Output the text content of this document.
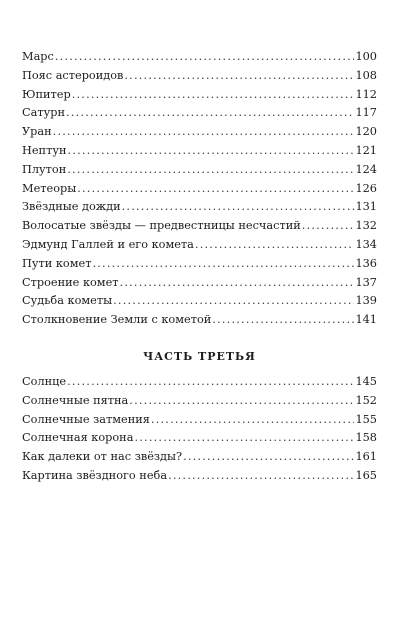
Марс .....	100
Пояс астероидов .....	108
Юпитер .....	112
Сатурн .....	117
Уран .....	120
Нептун .....	121
Плутон .....	124
Метеоры .....	126
Звёздные дожди .....	131
Волосатые звёзды — предвестницы несчастий .....	132
Эдмунд Галлей и его комета .....	134
Пути комет .....	136
Строение комет .....	137
Судьба кометы .....	139
Столкновение Земли с кометой .....	141
ЧАСТЬ ТРЕТЬЯ
Солнце .....	145
Солнечные пятна .....	152
Солнечные затмения .....	155
Солнечная корона .....	158
Как далеки от нас звёзды? .....	161
Картина звёздного неба .....	165
